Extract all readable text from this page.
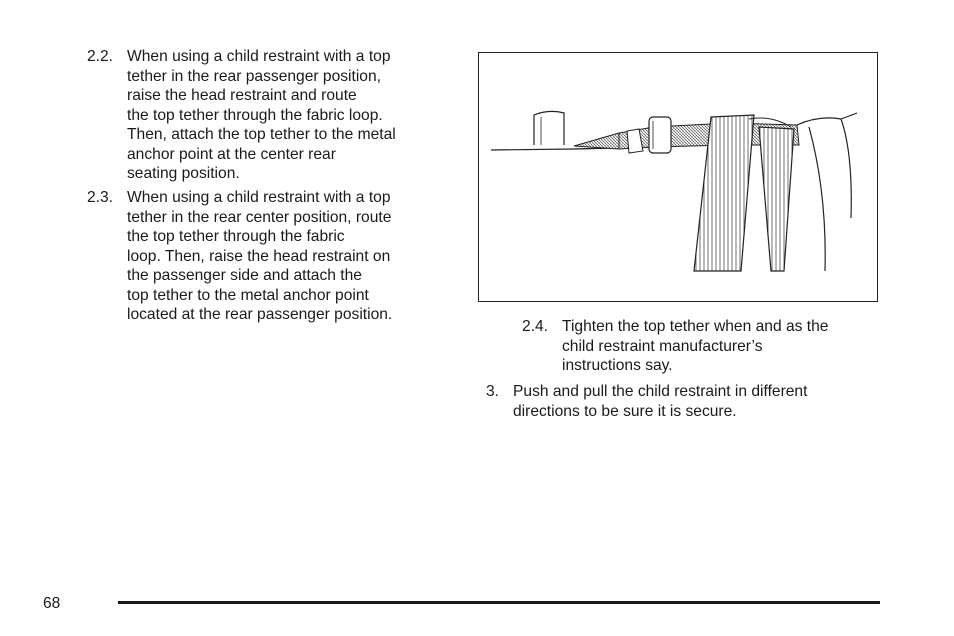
2.2. When using a child restraint with a top
tether in the rear passenger position,
raise the head restraint and route
the top tether through the fabric loop.
Then, attach the top tether to the metal
anchor point at the center rear
seating position.
2.3. When using a child restraint with a top
tether in the rear center position, route
the top tether through the fabric
loop. Then, raise the head restraint on
the passenger side and attach the
top tether to the metal anchor point
located at the rear passenger position.
2.4. Tighten the top tether when and as the
child restraint manufacturer’s
instructions say.
3. Push and pull the child restraint in different
directions to be sure it is secure.
68
